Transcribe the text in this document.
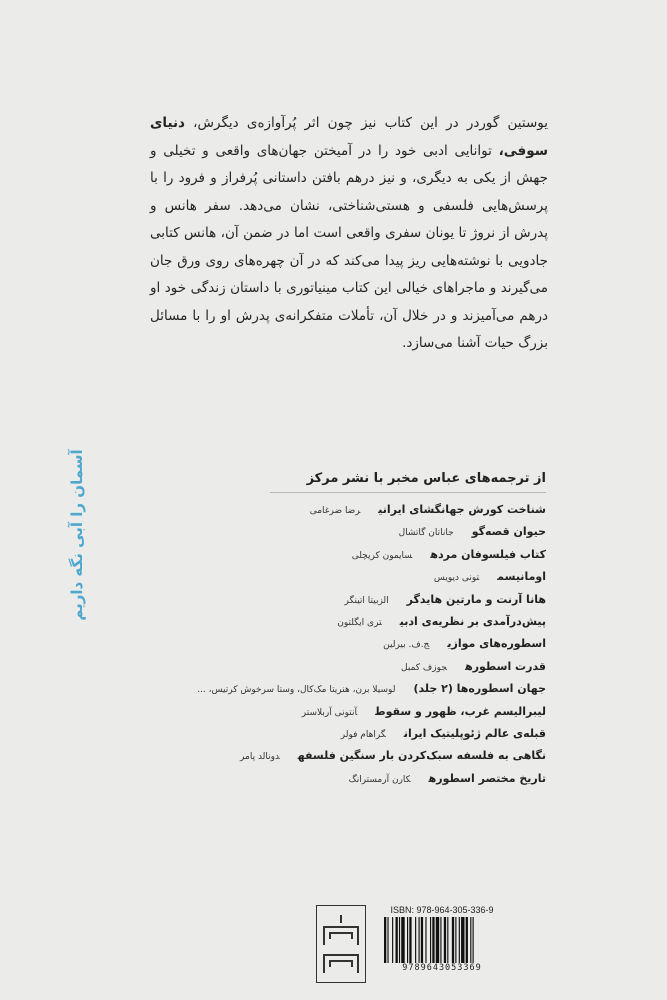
یوستین گوردر در این کتاب نیز چون اثر پُرآوازه‌ی دیگرش، دنیای سوفی، توانایی ادبی خود را در آمیختن جهان‌های واقعی و تخیلی و جهش از یکی به دیگری، و نیز درهم بافتن داستانی پُرفراز و فرود را با پرسش‌هایی فلسفی و هستی‌شناختی، نشان می‌دهد. سفر هانس و پدرش از نروژ تا یونان سفری واقعی است اما در ضمن آن، هانس کتابی جادویی با نوشته‌هایی ریز پیدا می‌کند که در آن چهره‌های روی ورق جان می‌گیرند و ماجراهای خیالی این کتاب مینیاتوری با داستان زندگی خود او درهم می‌آمیزند و در خلال آن، تأملات متفکرانه‌ی پدرش او را با مسائل بزرگ حیات آشنا می‌سازد.

آسمان را آبی نگه داریم	از ترجمه‌های عباس مخبر با نشر مرکز
شناخت کورش جهانگشای ایرانیرضا ضرغامی
حیوان قصه‌گوجاناتان گاتشال
کتاب فیلسوفان مردهسایمون کریچلی
اومانیسمتونی دیویس
هانا آرنت و مارتین هایدگرالزبیتا اتینگر
پیش‌درآمدی بر نظریه‌ی ادبیتری ایگلتون
اسطوره‌های موازیج.ف. بیرلین
قدرت اسطورهجوزف کمبل
جهان اسطوره‌ها (۲ جلد)لوسیلا برن، هنریتا مک‌کال، وستا سرخوش کرتیس، ...
لیبرالیسم غرب، ظهور و سقوطآنتونی آربلاستر
قبله‌ی عالم ژئوپلیتیک ایرانگراهام فولر
نگاهی به فلسفه سبک‌کردن بار سنگین فلسفهدونالد پامر
تاریخ مختصر اسطورهکارن آرمسترانگ
ISBN: 978-964-305-336-9
9789643053369
